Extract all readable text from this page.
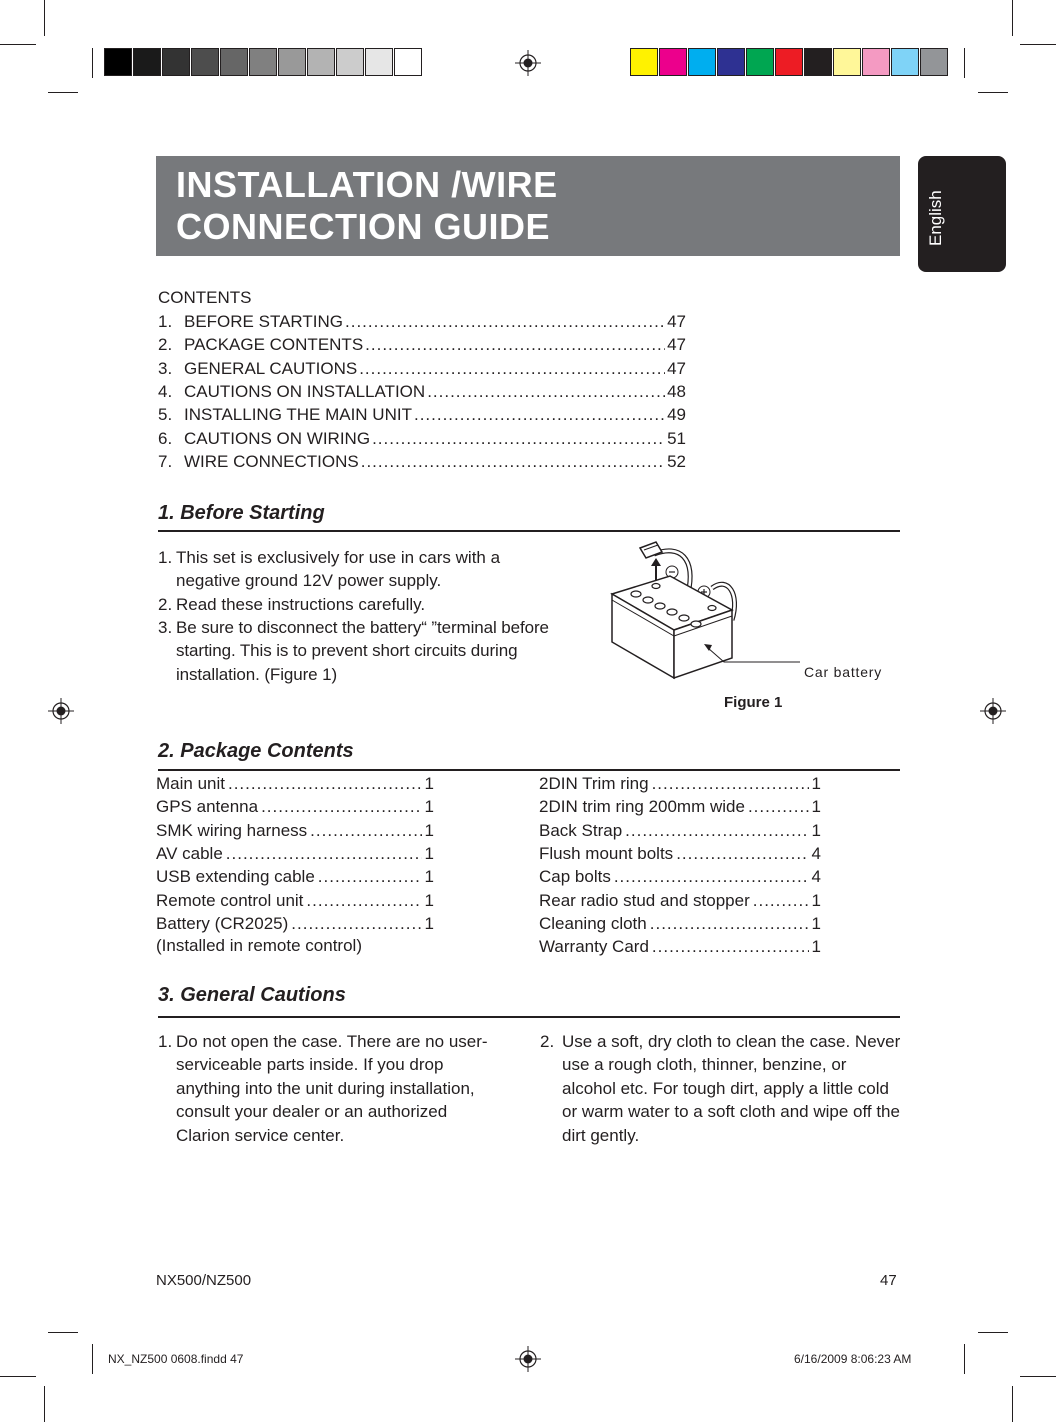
INSTALLATION /WIRE
CONNECTION GUIDE	English
CONTENTS
1. BEFORE STARTING .....	47
2. PACKAGE CONTENTS .....	47
3. GENERAL CAUTIONS .....	47
4. CAUTIONS ON INSTALLATION .....	48
5. INSTALLING THE MAIN UNIT .....	49
6. CAUTIONS ON WIRING .....	51
7. WIRE CONNECTIONS .....	52
1. Before Starting
1. This set is exclusively for use in cars with a negative ground 12V power supply.
2. Read these instructions carefully.
3. Be sure to disconnect the battery“ ”terminal before starting. This is to prevent short circuits during installation. (Figure 1)	Car battery
Figure 1
2. Package Contents
Main unit .....	1
GPS antenna .....	1
SMK wiring harness .....	1
AV cable .....	1
USB extending cable .....	1
Remote control unit .....	1
Battery (CR2025) .....	1
(Installed in remote control)
2DIN Trim ring .....	1
2DIN trim ring 200mm wide .....	1
Back Strap .....	1
Flush mount bolts .....	4
Cap bolts .....	4
Rear radio stud and stopper .....	1
Cleaning cloth .....	1
Warranty Card .....	1
3. General Cautions
1. Do not open the case. There are no user- serviceable parts inside. If you drop anything into the unit during installation, consult your dealer or an authorized Clarion service center.
2. Use a soft, dry cloth to clean the case. Never use a rough cloth, thinner, benzine, or alcohol etc. For tough dirt, apply a little cold or warm water to a soft cloth and wipe off the dirt gently.
NX500/NZ500	47
NX_NZ500 0608.findd 47	6/16/2009 8:06:23 AM
